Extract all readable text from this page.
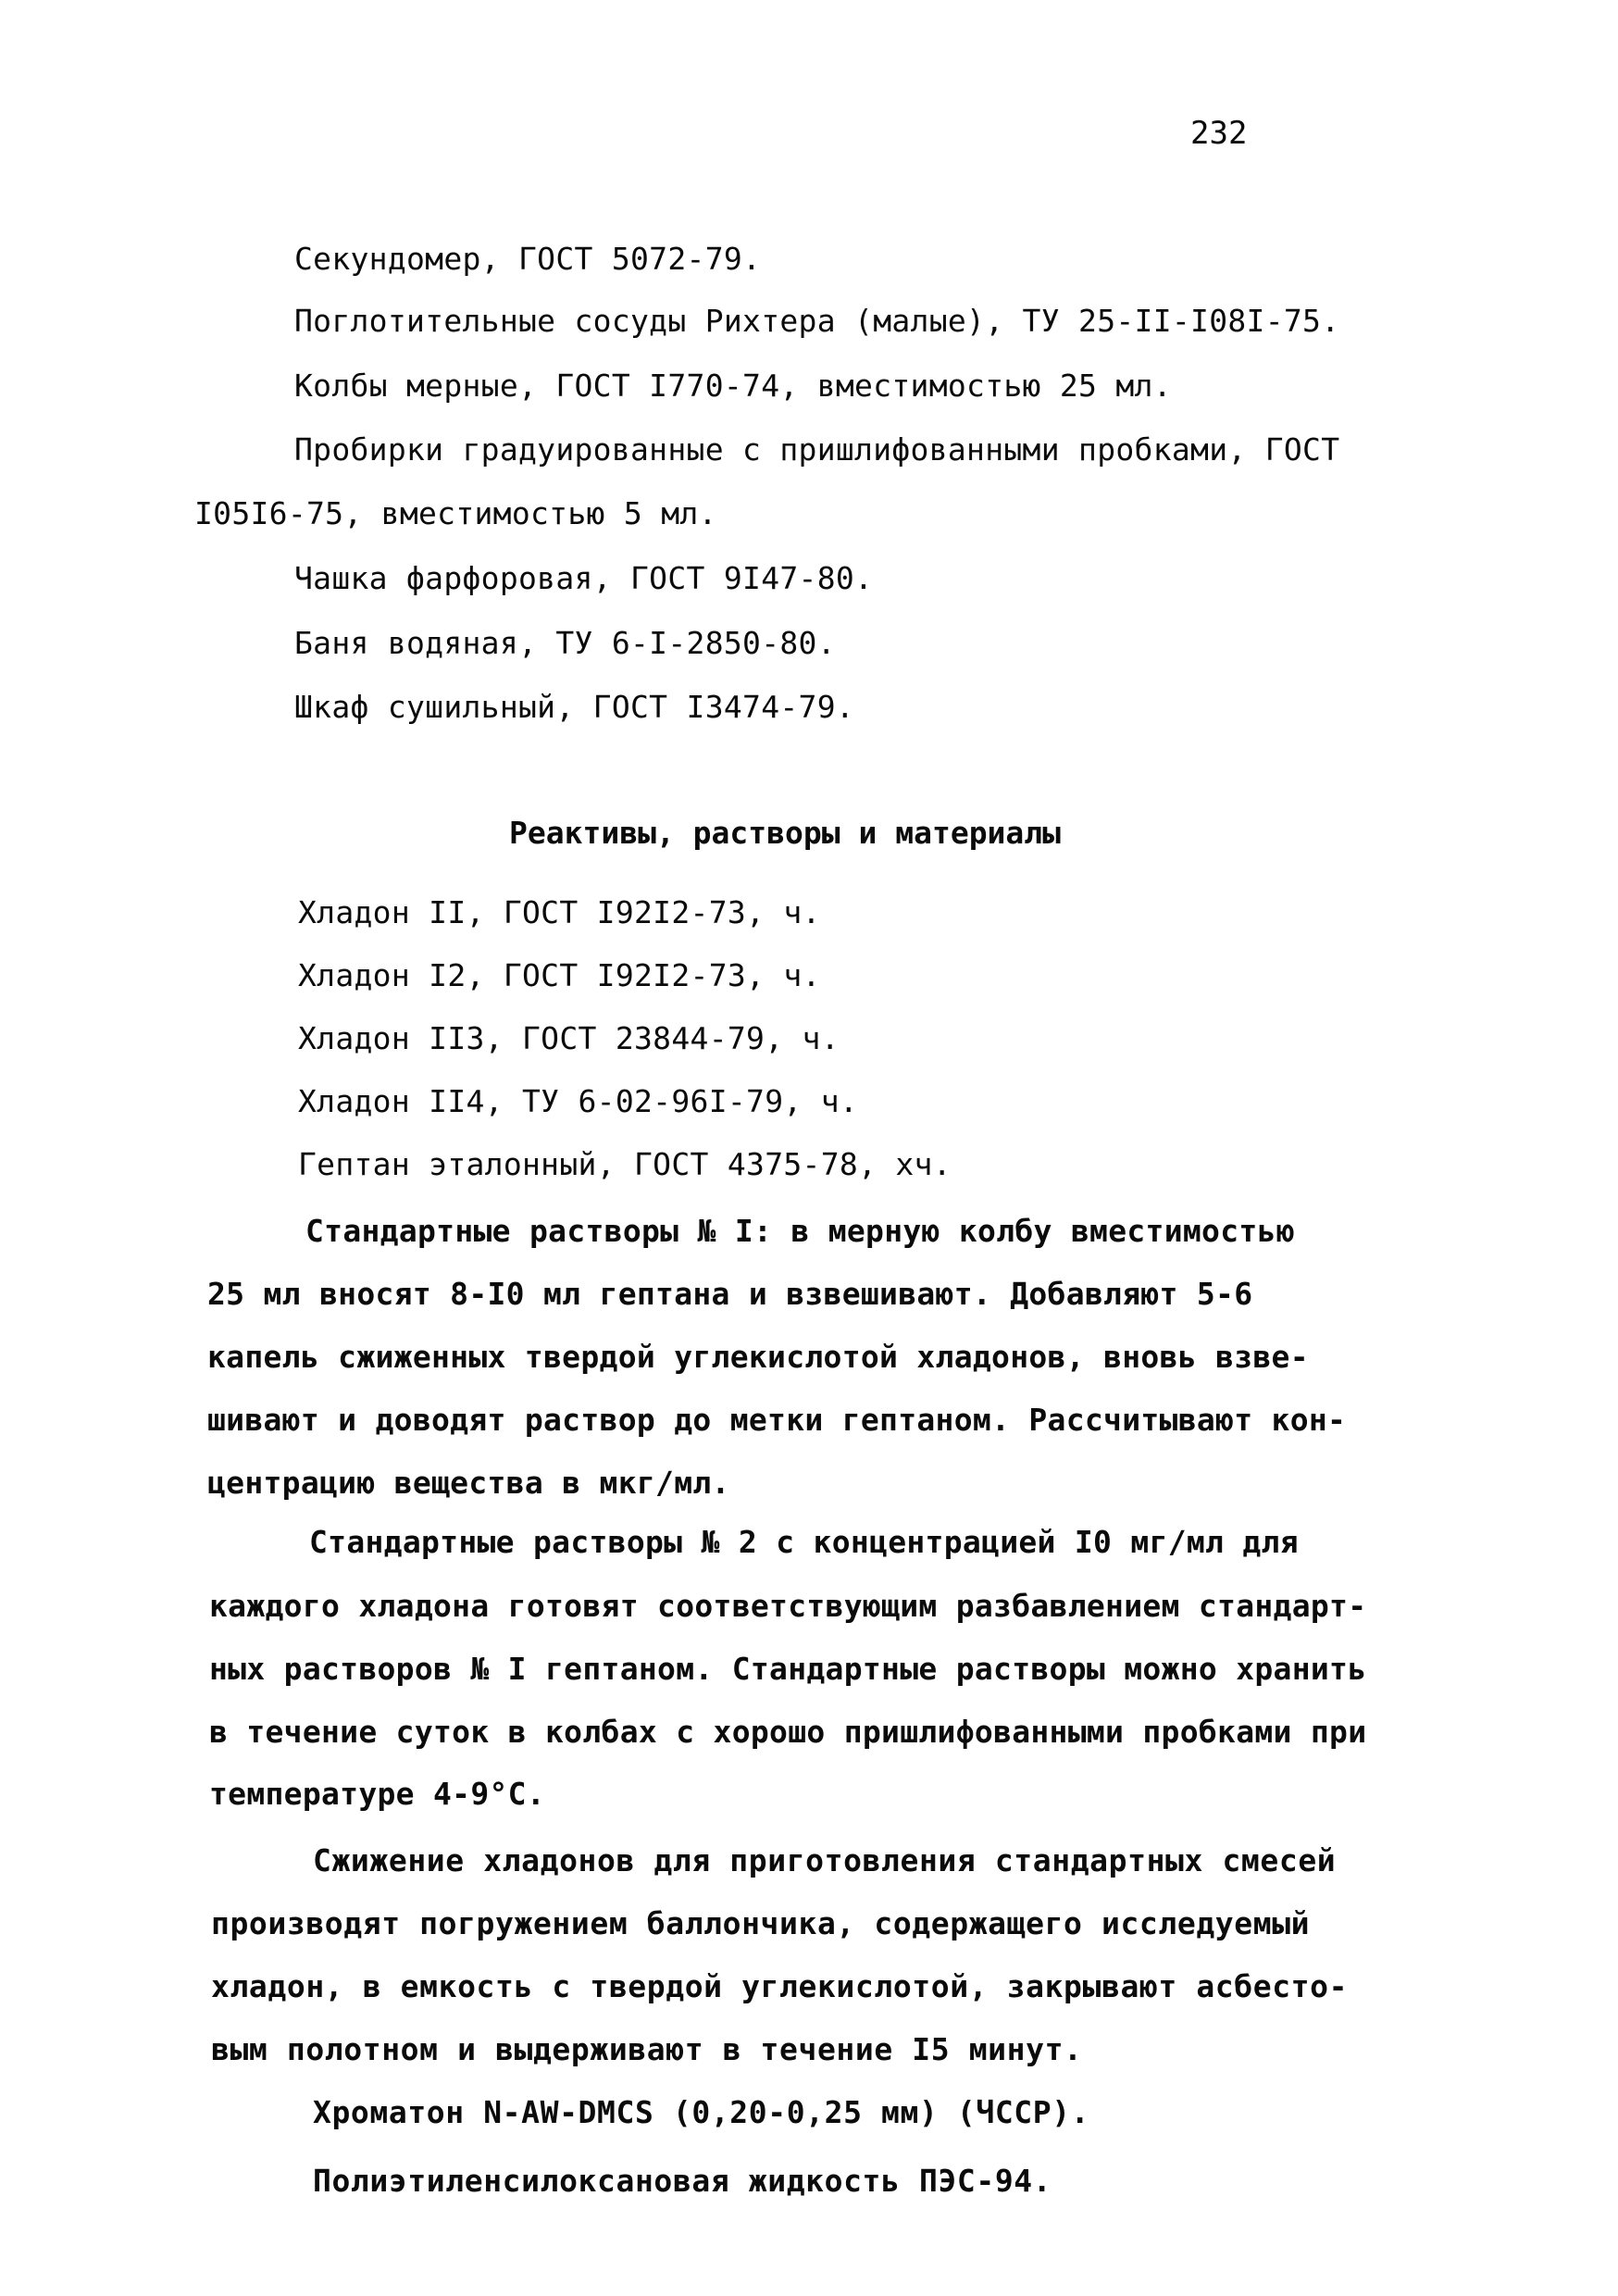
232
Секундомер, ГОСТ 5072-79.
Поглотительные сосуды Рихтера (малые), ТУ 25-II-I08I-75.
Колбы мерные, ГОСТ I770-74, вместимостью 25 мл.
Пробирки градуированные с пришлифованными пробками, ГОСТ
I05I6-75, вместимостью 5 мл.
Чашка фарфоровая, ГОСТ 9I47-80.
Баня водяная, ТУ 6-I-2850-80.
Шкаф сушильный, ГОСТ I3474-79.
Реактивы, растворы и материалы
Хладон II, ГОСТ I92I2-73, ч.
Хладон I2, ГОСТ I92I2-73, ч.
Хладон II3, ГОСТ 23844-79, ч.
Хладон II4, ТУ 6-02-96I-79, ч.
Гептан эталонный, ГОСТ 4375-78, хч.
Стандартные растворы № I: в мерную колбу вместимостью
25 мл вносят 8-I0 мл гептана и взвешивают. Добавляют 5-6
капель сжиженных твердой углекислотой хладонов, вновь взве-
шивают и доводят раствор до метки гептаном. Рассчитывают кон-
центрацию вещества в мкг/мл.
Стандартные растворы № 2 с концентрацией I0 мг/мл для
каждого хладона готовят соответствующим разбавлением стандарт-
ных растворов № I гептаном. Стандартные растворы можно хранить
в течение суток в колбах с хорошо пришлифованными пробками при
температуре 4-9°С.
Сжижение хладонов для приготовления стандартных смесей
производят погружением баллончика, содержащего исследуемый
хладон, в емкость с твердой углекислотой, закрывают асбесто-
вым полотном и выдерживают в течение I5 минут.
Хроматон N-AW-DMCS (0,20-0,25 мм) (ЧССР).
Полиэтиленсилоксановая жидкость ПЭС-94.
